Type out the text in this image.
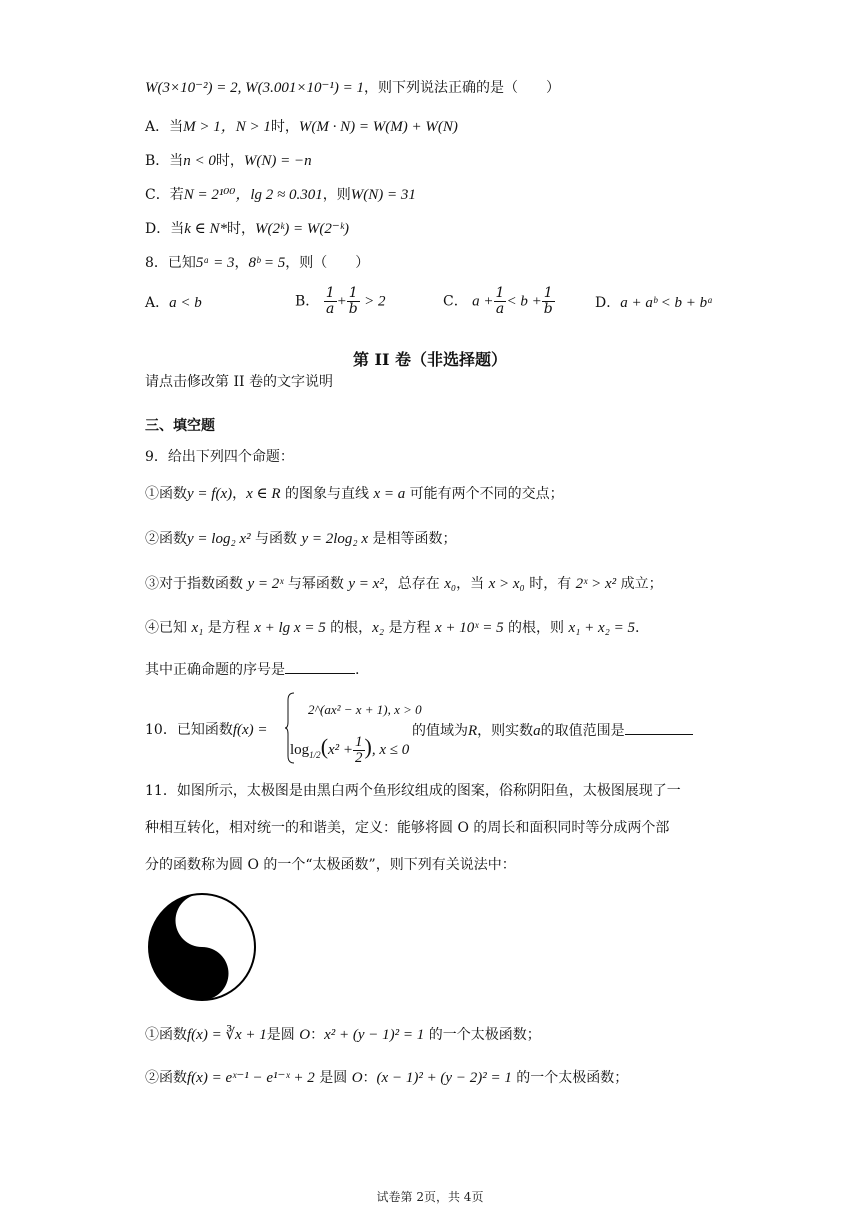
W(3×10⁻²) = 2, W(3.001×10⁻¹) = 1，则下列说法正确的是（　　）
A．当M > 1，N > 1时，W(M · N) = W(M) + W(N)
B．当n < 0时，W(N) = −n
C．若N = 2¹⁰⁰，lg 2 ≈ 0.301，则W(N) = 31
D．当k ∈ N*时，W(2ᵏ) = W(2⁻ᵏ)
8．已知5ᵃ = 3，8ᵇ = 5，则（　　）
A．a < b	B． $\frac{1}{a} + \frac{1}{b} > 2$	C． $a + \frac{1}{a} < b + \frac{1}{b}$	D．a + aᵇ < b + bᵃ
第 II 卷（非选择题）
请点击修改第 II 卷的文字说明
三、填空题
9．给出下列四个命题：
①函数y = f(x)，x ∈ R 的图象与直线 x = a 可能有两个不同的交点；
②函数y = log₂ x² 与函数 y = 2log₂ x 是相等函数；
③对于指数函数 y = 2ˣ 与幂函数 y = x²，总存在 x₀，当 x > x₀ 时，有 2ˣ > x² 成立；
④已知 x₁ 是方程 x + lg x = 5 的根，x₂ 是方程 x + 10ˣ = 5 的根，则 x₁ + x₂ = 5.
其中正确命题的序号是	.
10．已知函数f(x) =
2^(ax² − x + 1), x > 0
$\log_{1/2}(x^2 + \frac{1}{2}$ ), x ≤ 0
的值域为R，则实数a的取值范围是
11．如图所示，太极图是由黑白两个鱼形纹组成的图案，俗称阴阳鱼，太极图展现了一
种相互转化，相对统一的和谐美，定义：能够将圆 O 的周长和面积同时等分成两个部
分的函数称为圆 O 的一个“太极函数”，则下列有关说法中：
①函数f(x) = ∛x + 1是圆 O：x² + (y − 1)² = 1 的一个太极函数；
②函数f(x) = eˣ⁻¹ − e¹⁻ˣ + 2 是圆 O：(x − 1)² + (y − 2)² = 1 的一个太极函数；
试卷第 2页，共 4页
